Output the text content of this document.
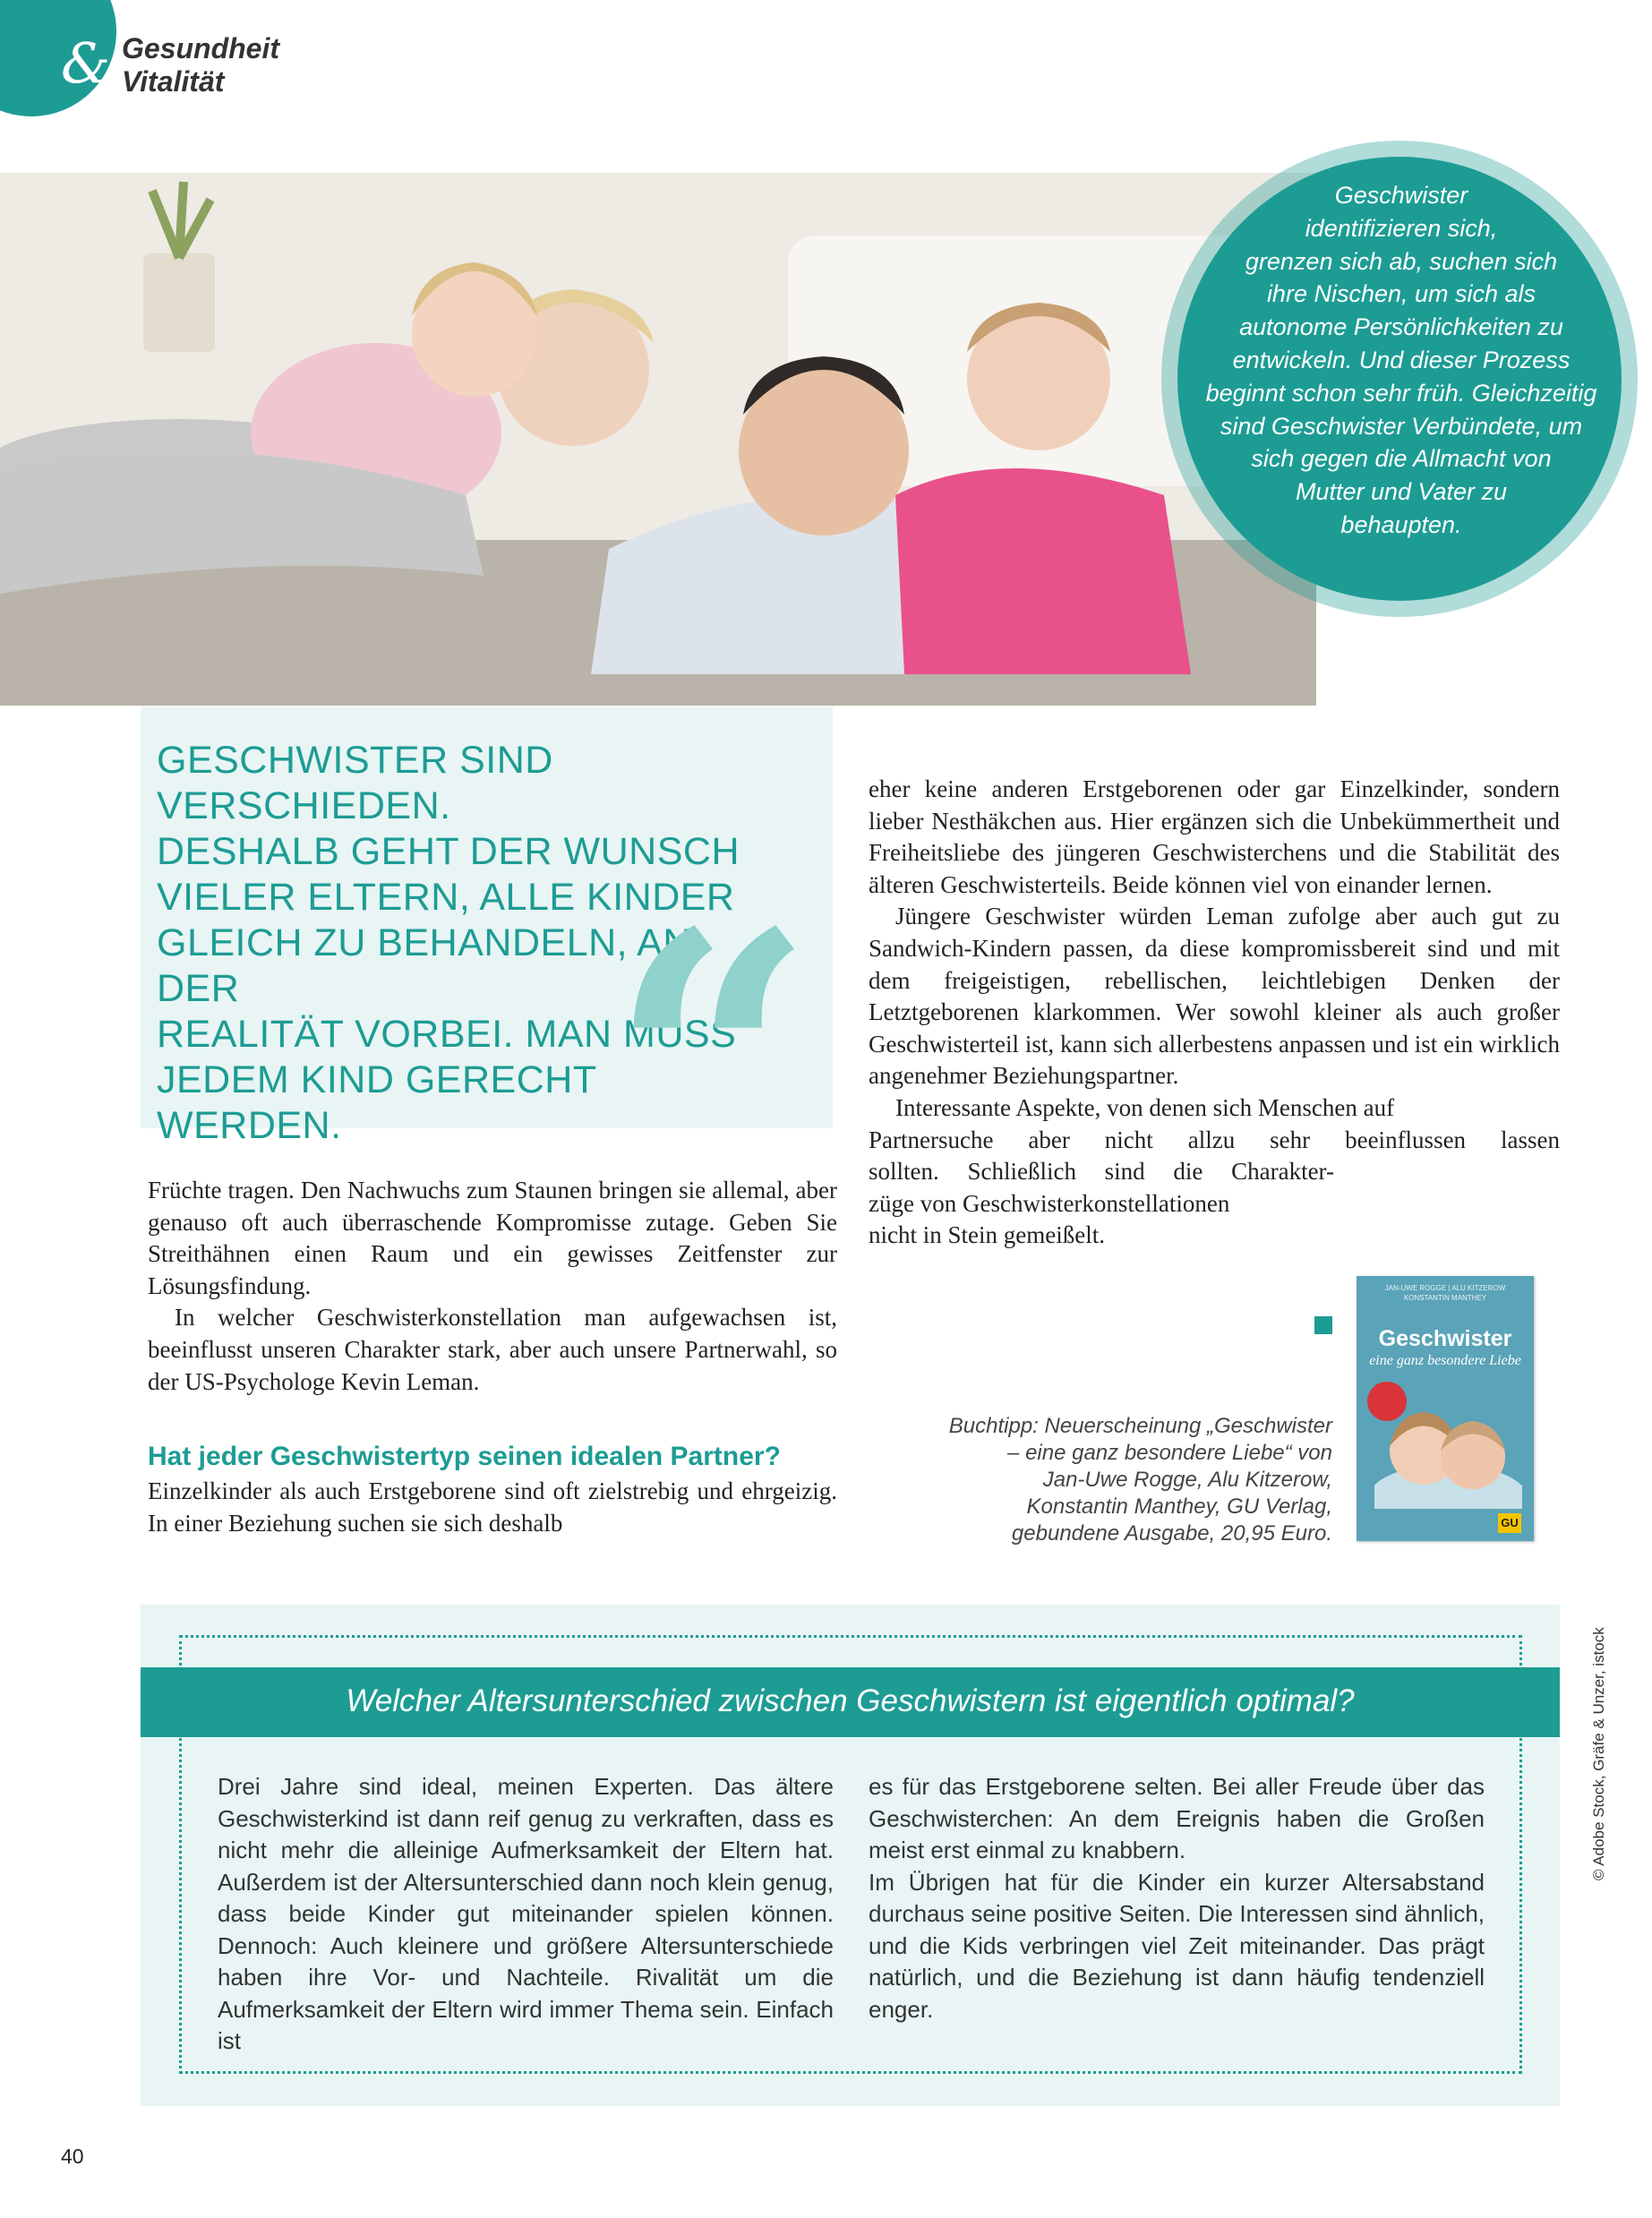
& Gesundheit
Vitalität
Geschwister
identifizieren sich,
grenzen sich ab, suchen sich
ihre Nischen, um sich als
autonome Persönlichkeiten zu
entwickeln. Und dieser Prozess
beginnt schon sehr früh. Gleichzeitig
sind Geschwister Verbündete, um
sich gegen die Allmacht von
Mutter und Vater zu
behaupten.
GESCHWISTER SIND VERSCHIEDEN.
DESHALB GEHT DER WUNSCH
VIELER ELTERN, ALLE KINDER
GLEICH ZU BEHANDELN, AN DER
REALITÄT VORBEI. MAN MUSS
JEDEM KIND GERECHT
WERDEN. “

Früchte tragen. Den Nachwuchs zum Staunen bringen sie allemal, aber genauso oft auch überraschende Kompromisse zutage. Geben Sie Streithähnen einen Raum und ein gewisses Zeitfenster zur Lösungsfindung.

In welcher Geschwisterkonstellation man aufgewachsen ist, beeinflusst unseren Charakter stark, aber auch unsere Partnerwahl, so der US-Psychologe Kevin Leman.

Hat jeder Geschwistertyp seinen idealen Partner?

Einzelkinder als auch Erstgeborene sind oft zielstrebig und ehrgeizig. In einer Beziehung suchen sie sich deshalb

eher keine anderen Erstgeborenen oder gar Einzelkinder, sondern lieber Nesthäkchen aus. Hier ergänzen sich die Unbekümmertheit und Freiheitsliebe des jüngeren Geschwisterchens und die Stabilität des älteren Geschwisterteils. Beide können viel von einander lernen.

Jüngere Geschwister würden Leman zufolge aber auch gut zu Sandwich-Kindern passen, da diese kompromissbereit sind und mit dem freigeistigen, rebellischen, leichtlebigen Denken der Letztgeborenen klarkommen. Wer sowohl kleiner als auch großer Geschwisterteil ist, kann sich allerbestens anpassen und ist ein wirklich angenehmer Beziehungspartner.

Interessante Aspekte, von denen sich Menschen auf
Partnersuche aber nicht allzu sehr beeinflussen lassen
sollten. Schließlich sind die Charakter-
züge von Geschwisterkonstellationen
nicht in Stein gemeißelt.
JAN-UWE ROGGE | ALU KITZEROW
KONSTANTIN MANTHEY
Geschwister
eine ganz besondere Liebe
GU
Buchtipp: Neuerscheinung „Geschwister
– eine ganz besondere Liebe“ von
Jan-Uwe Rogge, Alu Kitzerow,
Konstantin Manthey, GU Verlag,
gebundene Ausgabe, 20,95 Euro.
Welcher Altersunterschied zwischen Geschwistern ist eigentlich optimal?

Drei Jahre sind ideal, meinen Experten. Das ältere Geschwisterkind ist dann reif genug zu verkraften, dass es nicht mehr die alleinige Aufmerksamkeit der Eltern hat. Außerdem ist der Altersunterschied dann noch klein genug, dass beide Kinder gut miteinander spielen können. Dennoch: Auch kleinere und größere Altersunterschiede haben ihre Vor- und Nachteile. Rivalität um die Aufmerksamkeit der Eltern wird immer Thema sein. Einfach ist

es für das Erstgeborene selten. Bei aller Freude über das Geschwisterchen: An dem Ereignis haben die Großen meist erst einmal zu knabbern.

Im Übrigen hat für die Kinder ein kurzer Altersabstand durchaus seine positive Seiten. Die Interessen sind ähnlich, und die Kids verbringen viel Zeit miteinander. Das prägt natürlich, und die Beziehung ist dann häufig tendenziell enger.

© Adobe Stock, Gräfe & Unzer, istock
40
